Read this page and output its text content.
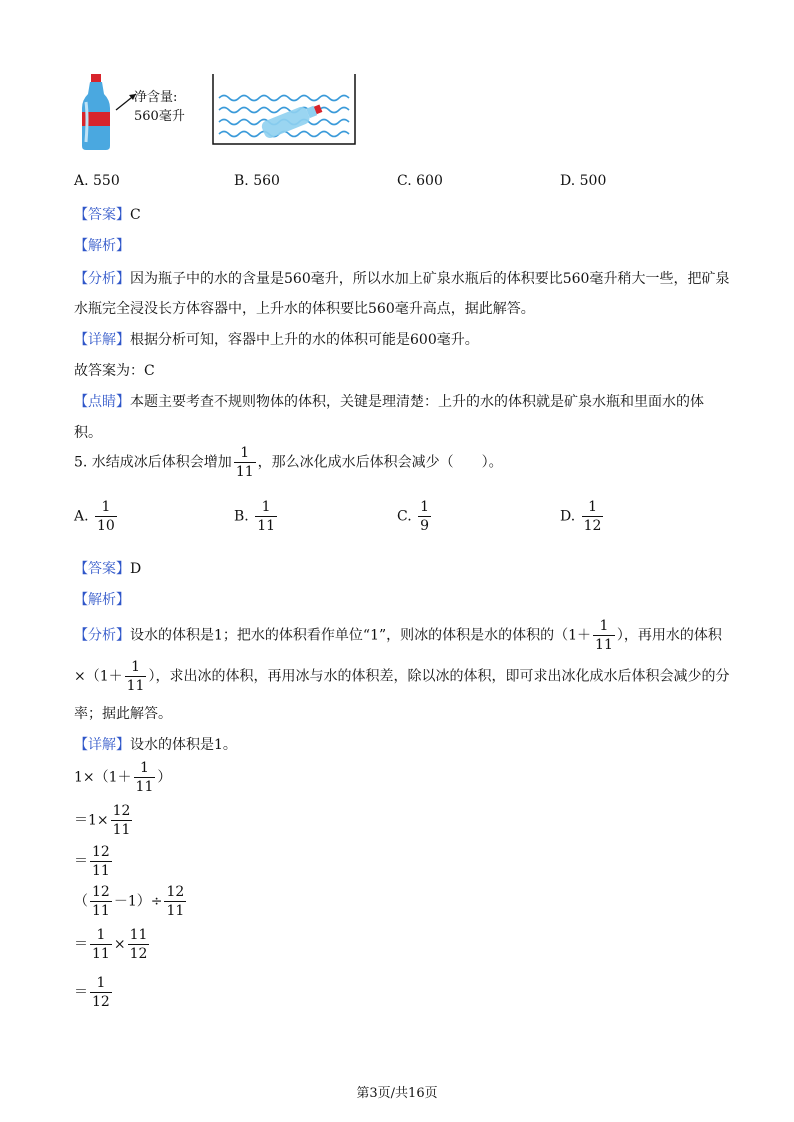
净含量:
560毫升
A. 550	B. 560	C. 600	D. 500
【答案】C
【解析】
【分析】因为瓶子中的水的含量是560毫升，所以水加上矿泉水瓶后的体积要比560毫升稍大一些，把矿泉
水瓶完全浸没长方体容器中，上升水的体积要比560毫升高点，据此解答。
【详解】根据分析可知，容器中上升的水的体积可能是600毫升。
故答案为：C
【点睛】本题主要考查不规则物体的体积，关键是理清楚：上升的水的体积就是矿泉水瓶和里面水的体
积。
5. 水结成冰后体积会增加 $\frac{1}{11}$ ，那么冰化成水后体积会减少（　　）。
A. $\frac{1}{10}$	B. $\frac{1}{11}$	C. $\frac{1}{9}$	D. $\frac{1}{12}$
【答案】D
【解析】
【分析】设水的体积是1；把水的体积看作单位“1”，则冰的体积是水的体积的（$1+ \frac{1}{11}$ ），再用水的体积
$\times(1+ \frac{1}{11}$ ），求出冰的体积，再用冰与水的体积差，除以冰的体积，即可求出冰化成水后体积会减少的分
率；据此解答。
【详解】设水的体积是1。
$1\times(1+ \frac{1}{11}$ ）
$=1\times \frac{12}{11}$
＝ $\frac{12}{11}$
（ $\frac{12}{11} -1)\div \frac{12}{11}$
＝ $\frac{1}{11} \times \frac{11}{12}$
＝ $\frac{1}{12}$
第3页/共16页
